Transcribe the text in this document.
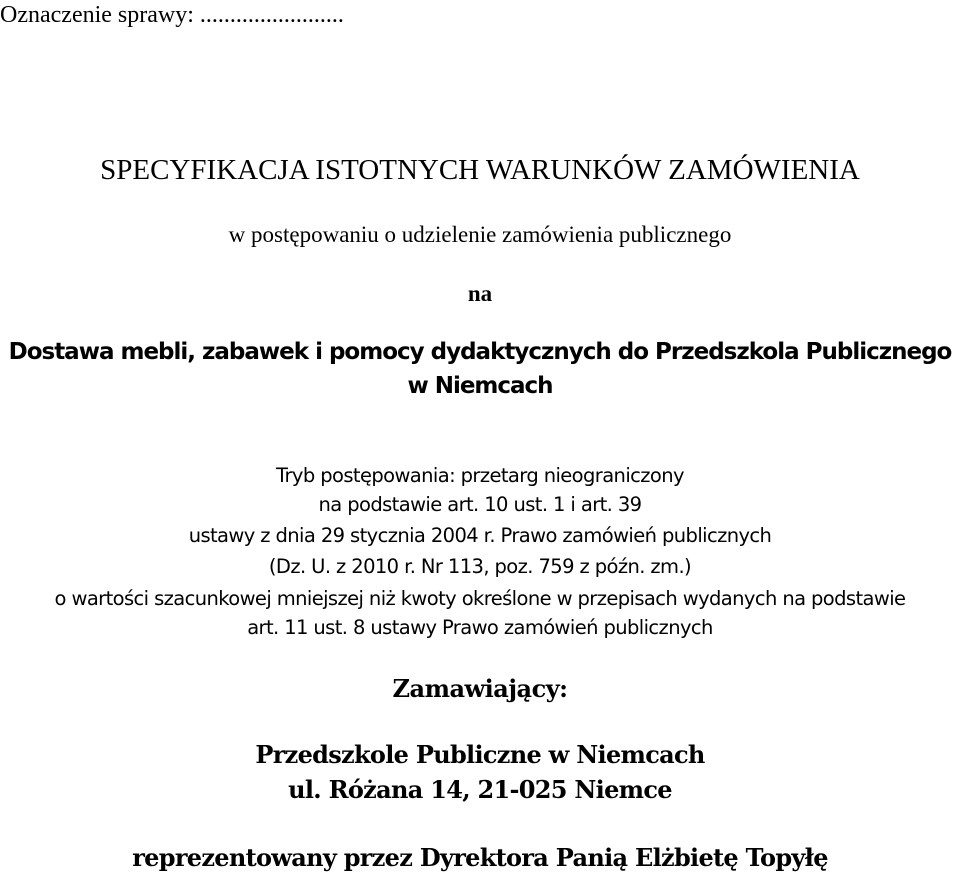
Oznaczenie sprawy: ........................
SPECYFIKACJA ISTOTNYCH WARUNKÓW ZAMÓWIENIA
w postępowaniu o udzielenie zamówienia publicznego
na
Dostawa mebli, zabawek i pomocy dydaktycznych do Przedszkola Publicznego
w Niemcach
Tryb postępowania: przetarg nieograniczony
na podstawie art. 10 ust. 1 i art. 39
ustawy z dnia 29 stycznia 2004 r. Prawo zamówień publicznych
(Dz. U. z 2010 r. Nr 113, poz. 759 z późn. zm.)
o wartości szacunkowej mniejszej niż kwoty określone w przepisach wydanych na podstawie
art. 11 ust. 8 ustawy Prawo zamówień publicznych
Zamawiający:
Przedszkole Publiczne w Niemcach
ul. Różana 14, 21-025 Niemce
reprezentowany przez Dyrektora Panią Elżbietę Topyłę
